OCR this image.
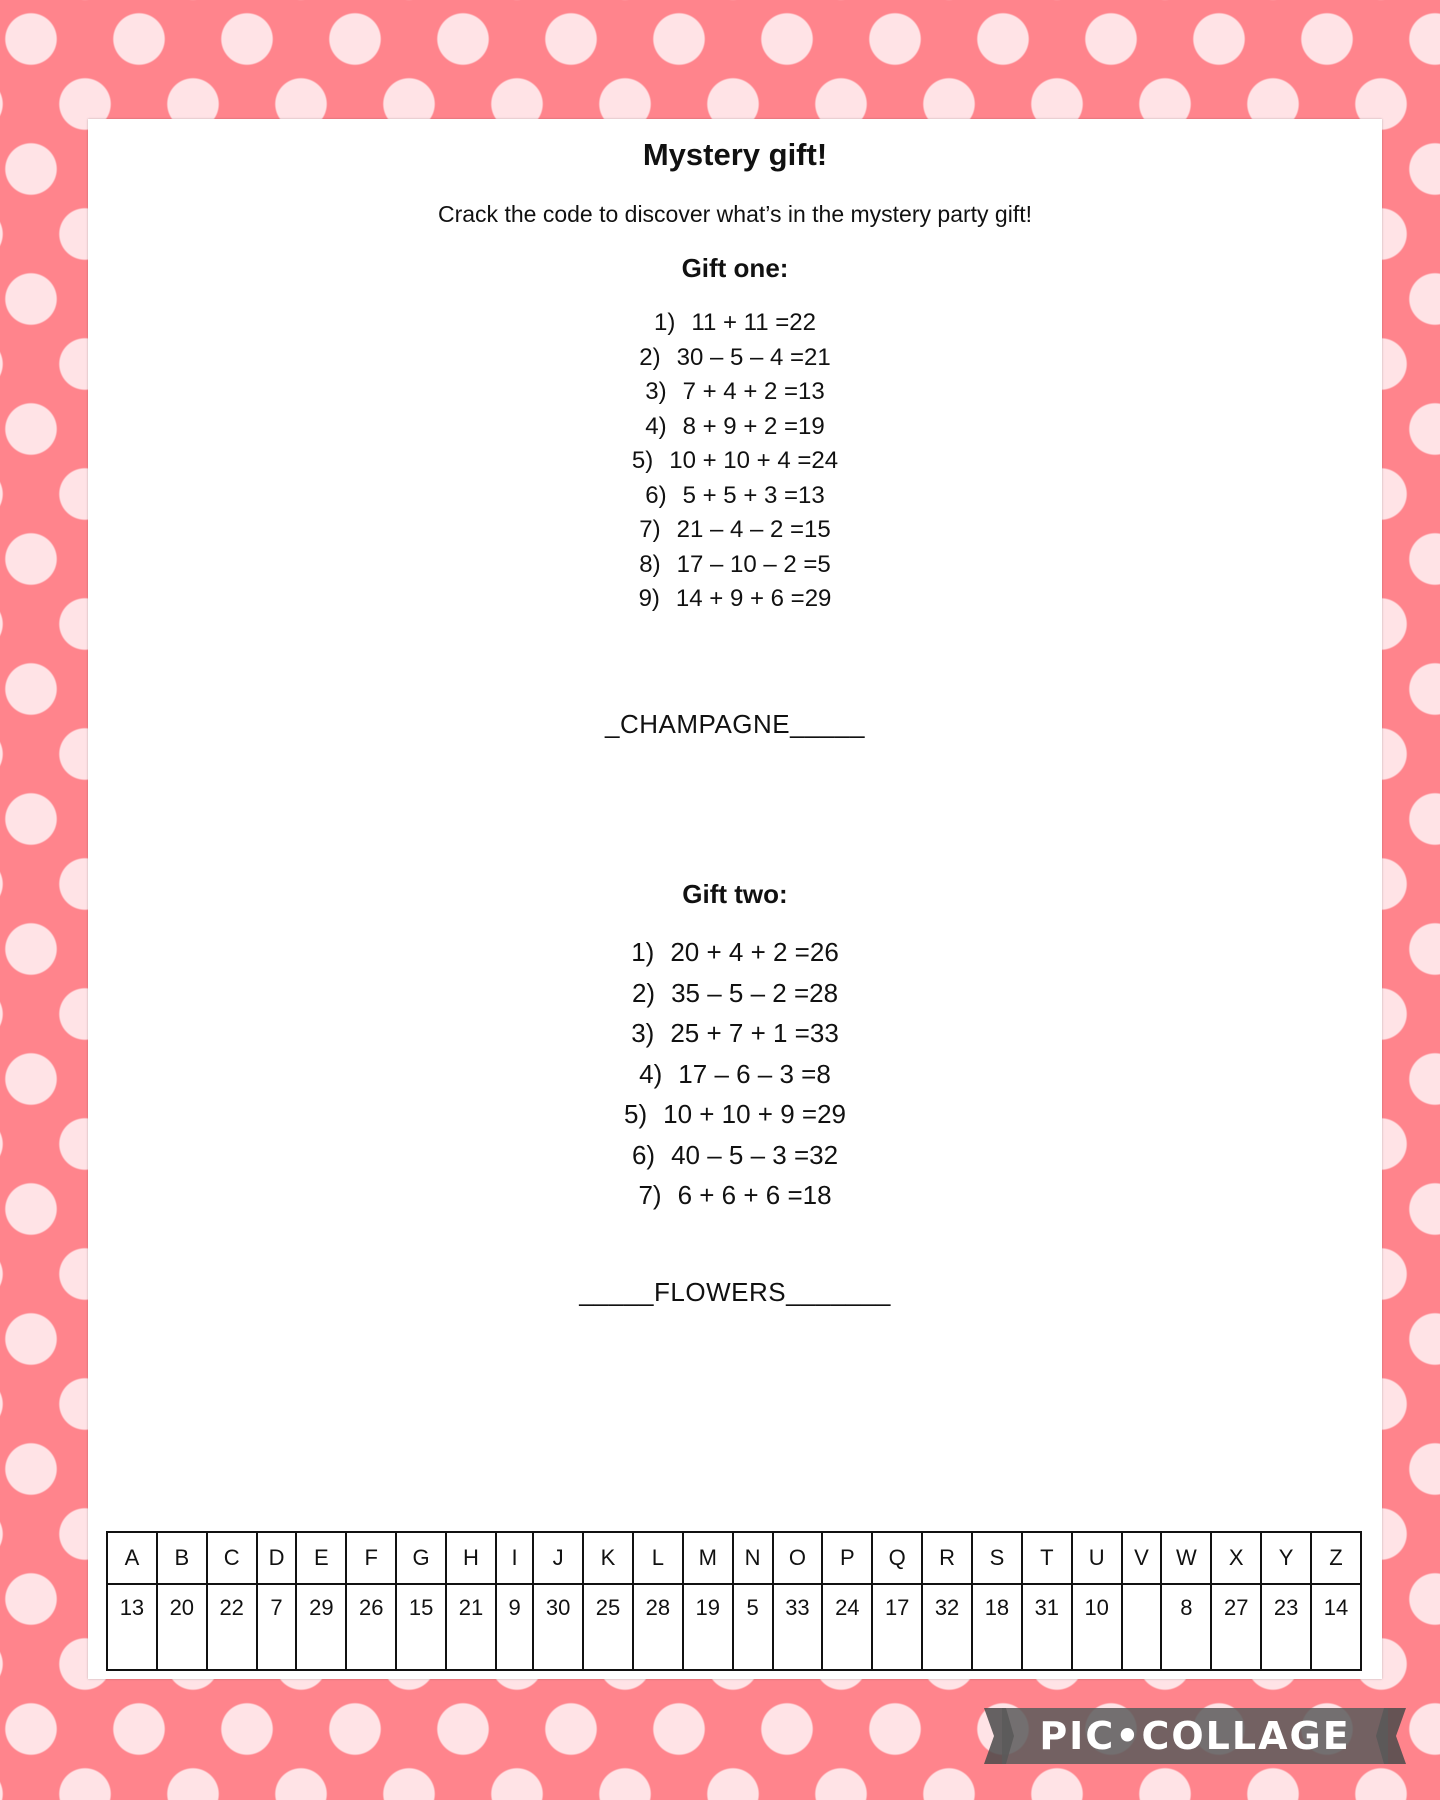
Mystery gift!
Crack the code to discover what’s in the mystery party gift!
Gift one:
1) 11 + 11 =22
2) 30 – 5 – 4 =21
3) 7 + 4 + 2 =13
4) 8 + 9 + 2 =19
5) 10 + 10 + 4 =24
6) 5 + 5 + 3 =13
7) 21 – 4 – 2 =15
8) 17 – 10 – 2 =5
9) 14 + 9 + 6 =29
_CHAMPAGNE_____
Gift two:
1) 20 + 4 + 2 =26
2) 35 – 5 – 2 =28
3) 25 + 7 + 1 =33
4) 17 – 6 – 3 =8
5) 10 + 10 + 9 =29
6) 40 – 5 – 3 =32
7) 6 + 6 + 6 =18
_____FLOWERS_______
A	B	C	D	E	F	G	H	I	J	K	L	M	N	O	P	Q	R	S	T	U	V	W	X	Y	Z
13	20	22	7	29	26	15	21	9	30	25	28	19	5	33	24	17	32	18	31	10		8	27	23	14
PIC•COLLAGE
